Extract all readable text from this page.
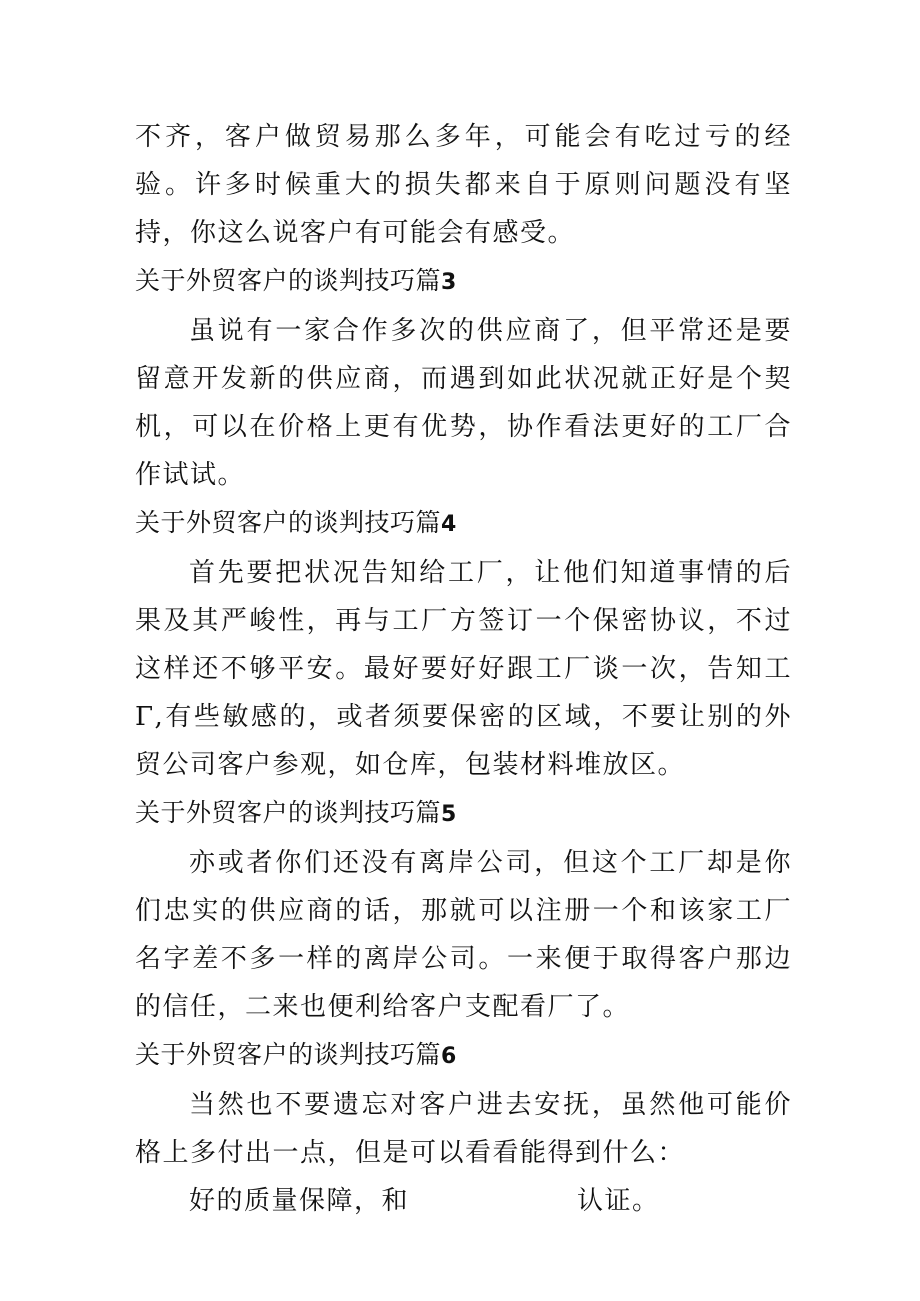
不齐，客户做贸易那么多年，可能会有吃过亏的经验。许多时候重大的损失都来自于原则问题没有坚持，你这么说客户有可能会有感受。

关于外贸客户的谈判技巧篇3

虽说有一家合作多次的供应商了，但平常还是要留意开发新的供应商，而遇到如此状况就正好是个契机，可以在价格上更有优势，协作看法更好的工厂合作试试。

关于外贸客户的谈判技巧篇4

首先要把状况告知给工厂，让他们知道事情的后果及其严峻性，再与工厂方签订一个保密协议，不过这样还不够平安。最好要好好跟工厂谈一次，告知工Γ,有些敏感的，或者须要保密的区域，不要让别的外贸公司客户参观，如仓库，包装材料堆放区。

关于外贸客户的谈判技巧篇5

亦或者你们还没有离岸公司，但这个工厂却是你们忠实的供应商的话，那就可以注册一个和该家工厂名字差不多一样的离岸公司。一来便于取得客户那边的信任，二来也便利给客户支配看厂了。

关于外贸客户的谈判技巧篇6

当然也不要遗忘对客户进去安抚，虽然他可能价格上多付出一点，但是可以看看能得到什么：

好的质量保障，和	认证。
